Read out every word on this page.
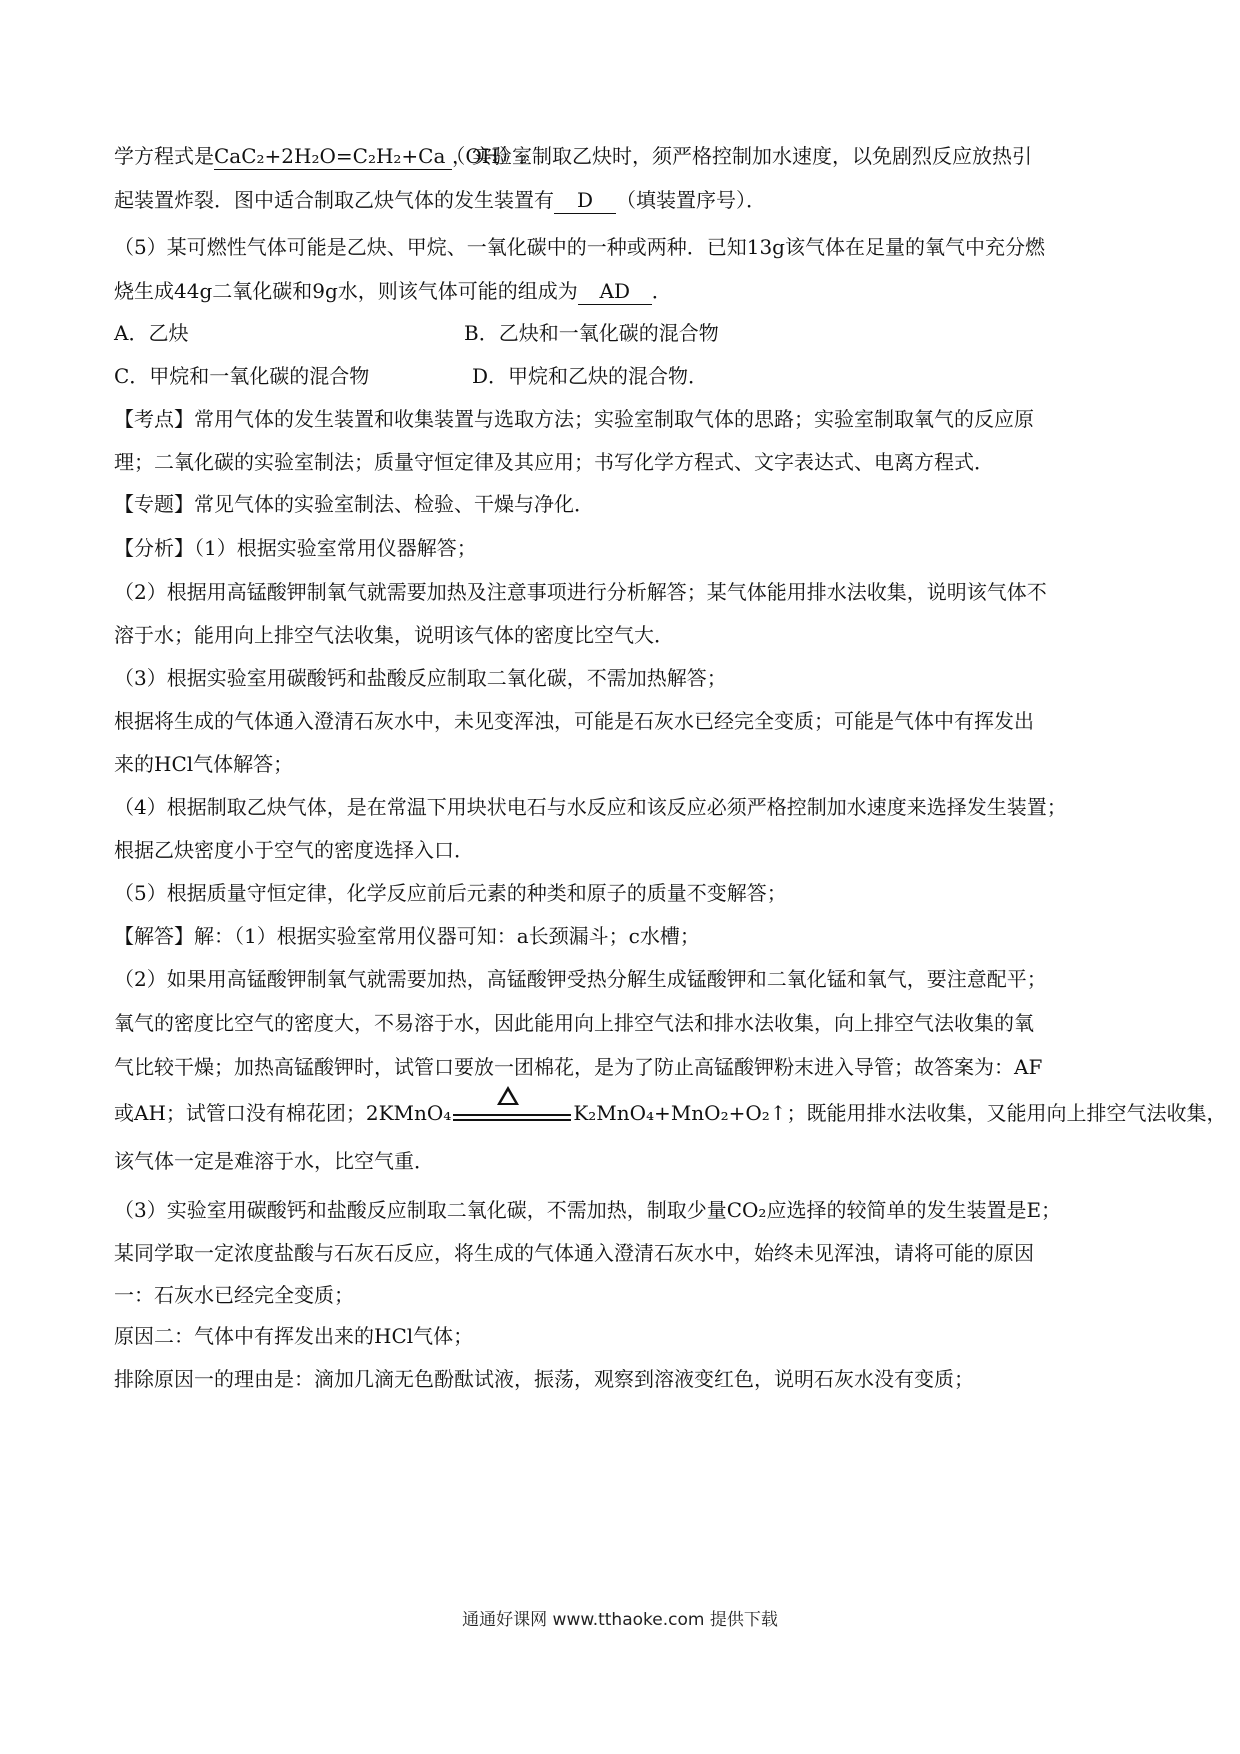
学方程式是CaC₂+2H₂O=C₂H₂+Ca（OH）₂，实验室制取乙炔时，须严格控制加水速度，以免剧烈反应放热引
起装置炸裂．图中适合制取乙炔气体的发生装置有 D （填装置序号）．
（5）某可燃性气体可能是乙炔、甲烷、一氧化碳中的一种或两种．已知13g该气体在足量的氧气中充分燃
烧生成44g二氧化碳和9g水，则该气体可能的组成为 AD ．
A．乙炔	B．乙炔和一氧化碳的混合物
C．甲烷和一氧化碳的混合物	D．甲烷和乙炔的混合物．
【考点】常用气体的发生装置和收集装置与选取方法；实验室制取气体的思路；实验室制取氧气的反应原
理；二氧化碳的实验室制法；质量守恒定律及其应用；书写化学方程式、文字表达式、电离方程式．
【专题】常见气体的实验室制法、检验、干燥与净化．
【分析】（1）根据实验室常用仪器解答；
（2）根据用高锰酸钾制氧气就需要加热及注意事项进行分析解答；某气体能用排水法收集，说明该气体不
溶于水；能用向上排空气法收集，说明该气体的密度比空气大．
（3）根据实验室用碳酸钙和盐酸反应制取二氧化碳，不需加热解答；
根据将生成的气体通入澄清石灰水中，未见变浑浊，可能是石灰水已经完全变质；可能是气体中有挥发出
来的HCl气体解答；
（4）根据制取乙炔气体，是在常温下用块状电石与水反应和该反应必须严格控制加水速度来选择发生装置；
根据乙炔密度小于空气的密度选择入口．
（5）根据质量守恒定律，化学反应前后元素的种类和原子的质量不变解答；
【解答】解：（1）根据实验室常用仪器可知：a长颈漏斗；c水槽；
（2）如果用高锰酸钾制氧气就需要加热，高锰酸钾受热分解生成锰酸钾和二氧化锰和氧气，要注意配平；
氧气的密度比空气的密度大，不易溶于水，因此能用向上排空气法和排水法收集，向上排空气法收集的氧
气比较干燥；加热高锰酸钾时，试管口要放一团棉花，是为了防止高锰酸钾粉末进入导管；故答案为：AF
或AH；试管口没有棉花团；2KMnO₄	K₂MnO₄+MnO₂+O₂↑；既能用排水法收集，又能用向上排空气法收集，
该气体一定是难溶于水，比空气重．
（3）实验室用碳酸钙和盐酸反应制取二氧化碳，不需加热，制取少量CO₂应选择的较简单的发生装置是E；
某同学取一定浓度盐酸与石灰石反应，将生成的气体通入澄清石灰水中，始终未见浑浊，请将可能的原因
一：石灰水已经完全变质；
原因二：气体中有挥发出来的HCl气体；
排除原因一的理由是：滴加几滴无色酚酞试液，振荡，观察到溶液变红色，说明石灰水没有变质；
通通好课网 www.tthaoke.com 提供下载
